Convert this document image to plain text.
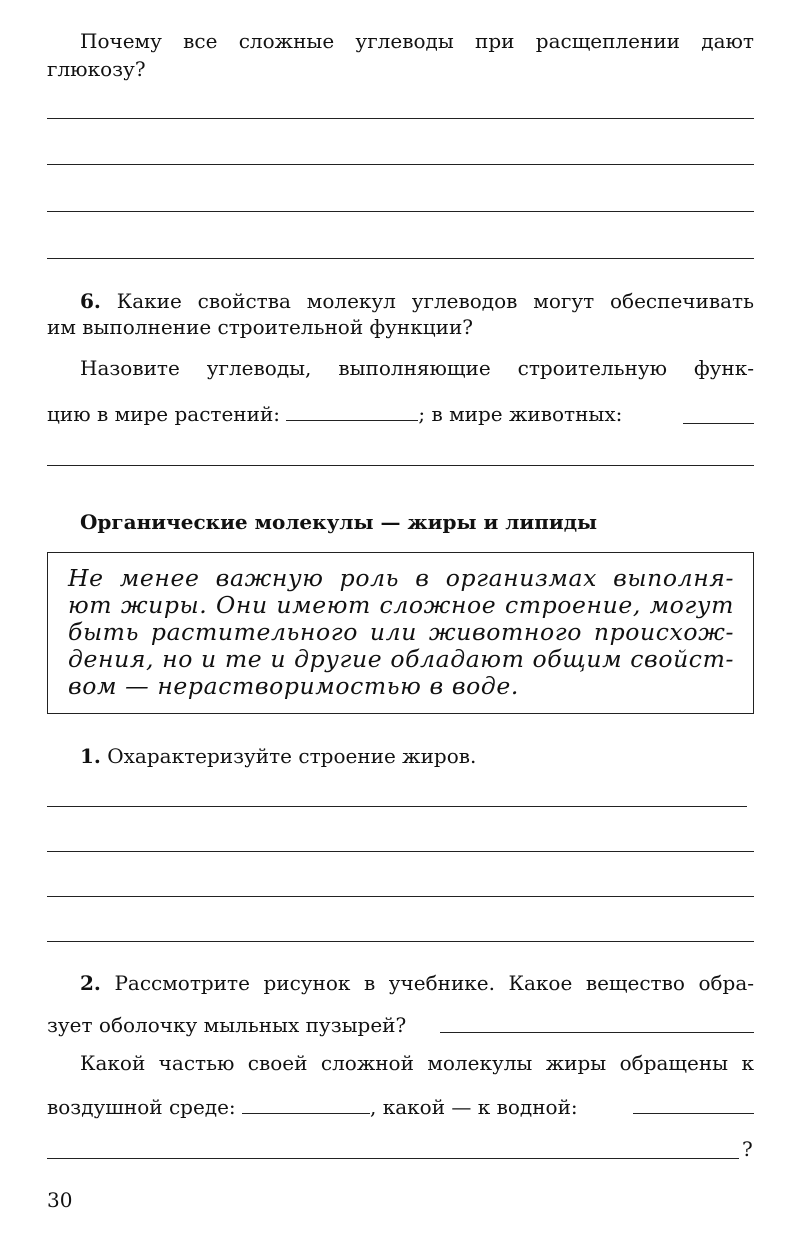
Почему все сложные углеводы при расщеплении дают
глюкозу?
6. Какие свойства молекул углеводов могут обеспечивать
им выполнение строительной функции?
Назовите углеводы, выполняющие строительную функ-
цию в мире растений:	; в мире животных:
Органические молекулы — жиры и липиды
Не менее важную роль в организмах выполня-
ют жиры. Они имеют сложное строение, могут
быть растительного или животного происхож-
дения, но и те и другие обладают общим свойст-
вом — нерастворимостью в воде.
1. Охарактеризуйте строение жиров.
2. Рассмотрите рисунок в учебнике. Какое вещество обра-
зует оболочку мыльных пузырей?
Какой частью своей сложной молекулы жиры обращены к
воздушной среде:	, какой — к водной:
?
30
